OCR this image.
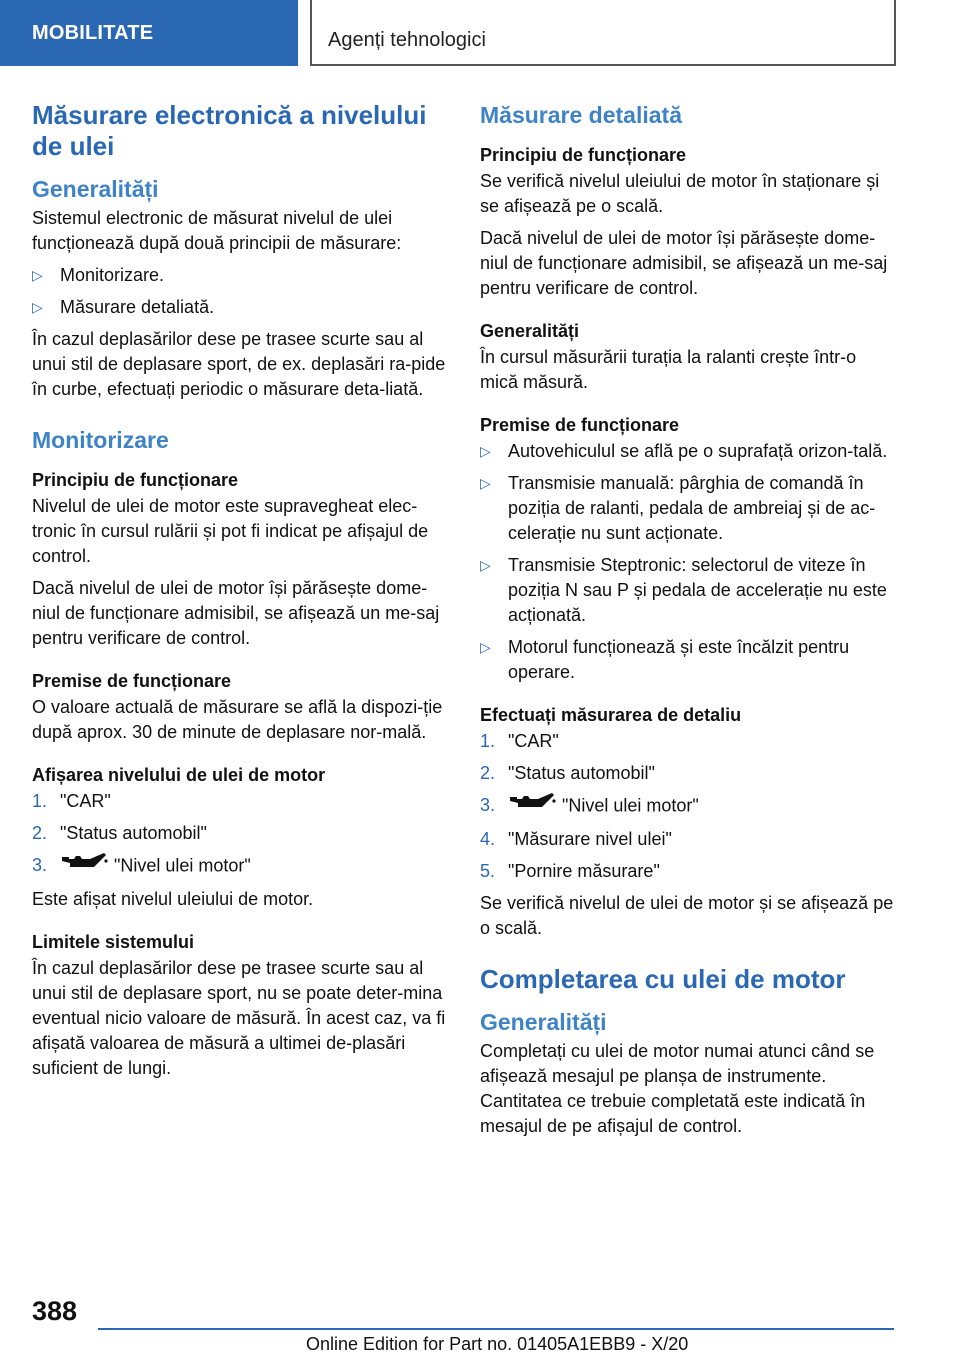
MOBILITATE	Agenți tehnologici
Măsurare electronică a nivelului de ulei
Generalități

Sistemul electronic de măsurat nivelul de ulei funcționează după două principii de măsurare:

▷ Monitorizare.
▷ Măsurare detaliată.

În cazul deplasărilor dese pe trasee scurte sau al unui stil de deplasare sport, de ex. deplasări ra-pide în curbe, efectuați periodic o măsurare deta-liată.

Monitorizare
Principiu de funcționare

Nivelul de ulei de motor este supravegheat elec-tronic în cursul rulării și pot fi indicat pe afișajul de control.

Dacă nivelul de ulei de motor își părăsește dome-niul de funcționare admisibil, se afișează un me-saj pentru verificare de control.

Premise de funcționare

O valoare actuală de măsurare se află la dispozi-ție după aprox. 30 de minute de deplasare nor-mală.

Afișarea nivelului de ulei de motor
1. "CAR"
2. "Status automobil"
3.	"Nivel ulei motor"

Este afișat nivelul uleiului de motor.

Limitele sistemului

În cazul deplasărilor dese pe trasee scurte sau al unui stil de deplasare sport, nu se poate deter-mina eventual nicio valoare de măsură. În acest caz, va fi afișată valoarea de măsură a ultimei de-plasări suficient de lungi.

Măsurare detaliată
Principiu de funcționare

Se verifică nivelul uleiului de motor în staționare și se afișează pe o scală.

Dacă nivelul de ulei de motor își părăsește dome-niul de funcționare admisibil, se afișează un me-saj pentru verificare de control.

Generalități

În cursul măsurării turația la ralanti crește într-o mică măsură.

Premise de funcționare
▷ Autovehiculul se află pe o suprafață orizon-tală.
▷ Transmisie manuală: pârghia de comandă în poziția de ralanti, pedala de ambreiaj și de ac-celerație nu sunt acționate.
▷ Transmisie Steptronic: selectorul de viteze în poziția N sau P și pedala de accelerație nu este acționată.
▷ Motorul funcționează și este încălzit pentru operare.
Efectuați măsurarea de detaliu
1. "CAR"
2. "Status automobil"
3.	"Nivel ulei motor"
4. "Măsurare nivel ulei"
5. "Pornire măsurare"

Se verifică nivelul de ulei de motor și se afișează pe o scală.

Completarea cu ulei de motor
Generalități

Completați cu ulei de motor numai atunci când se afișează mesajul pe planșa de instrumente. Cantitatea ce trebuie completată este indicată în mesajul de pe afișajul de control.

388
Online Edition for Part no. 01405A1EBB9 - X/20
